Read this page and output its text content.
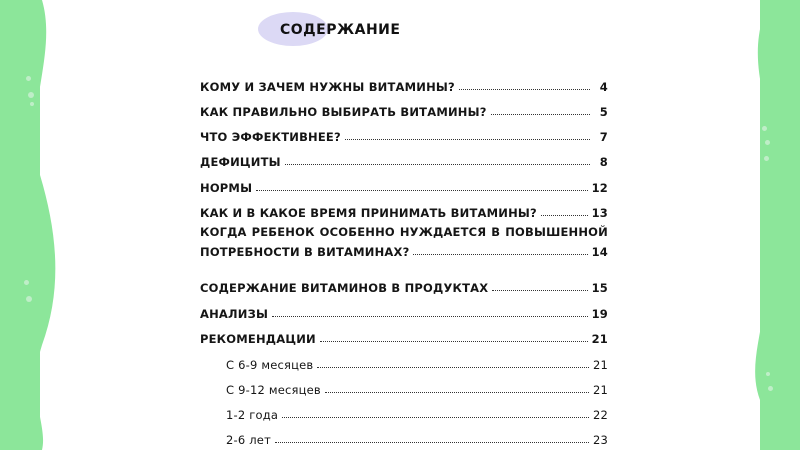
СОДЕРЖАНИЕ
КОМУ И ЗАЧЕМ НУЖНЫ ВИТАМИНЫ?	4
КАК ПРАВИЛЬНО ВЫБИРАТЬ ВИТАМИНЫ?	5
ЧТО ЭФФЕКТИВНЕЕ?	7
ДЕФИЦИТЫ	8
НОРМЫ	12
КАК И В КАКОЕ ВРЕМЯ ПРИНИМАТЬ ВИТАМИНЫ?	13
КОГДА РЕБЕНОК ОСОБЕННО НУЖДАЕТСЯ В ПОВЫШЕННОЙ
ПОТРЕБНОСТИ В ВИТАМИНАХ?	14
СОДЕРЖАНИЕ ВИТАМИНОВ В ПРОДУКТАХ	15
АНАЛИЗЫ	19
РЕКОМЕНДАЦИИ	21
С 6-9 месяцев	21
С 9-12 месяцев	21
1-2 года	22
2-6 лет	23
